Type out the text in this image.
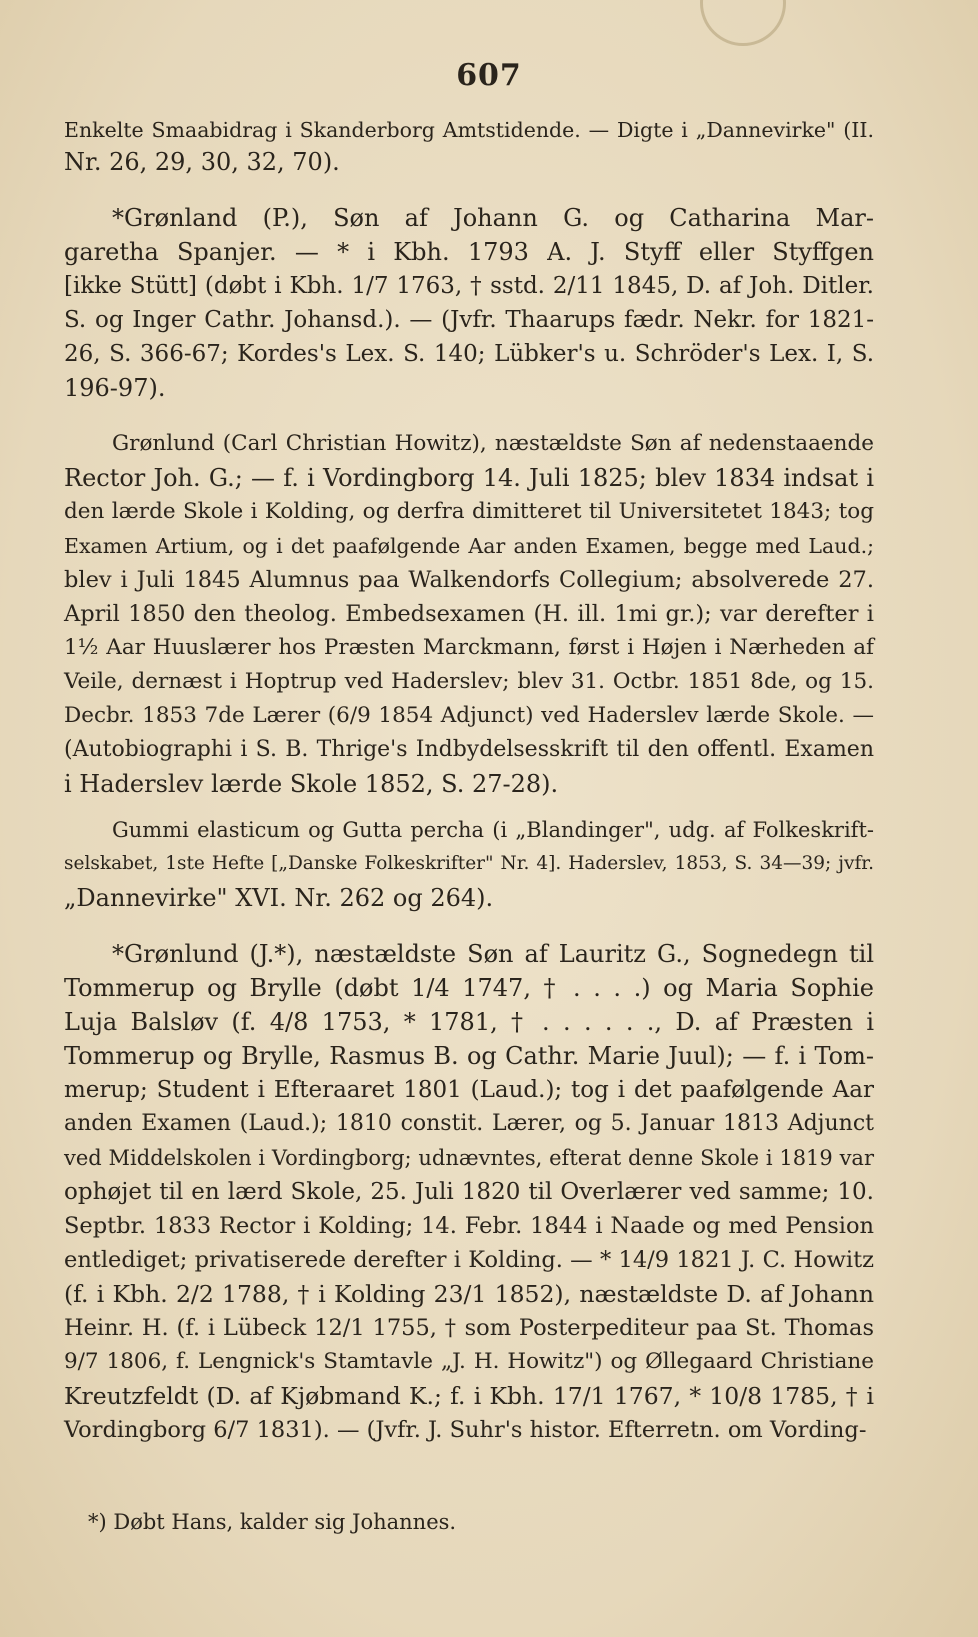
607
Enkelte Smaabidrag i Skanderborg Amtstidende. — Digte i „Dannevirke" (II.
Nr. 26, 29, 30, 32, 70).
*Grønland (P.), Søn af Johann G. og Catharina Mar-
garetha Spanjer. — * i Kbh. 1793 A. J. Styff eller Styffgen
[ikke Stütt] (døbt i Kbh. 1/7 1763, † sstd. 2/11 1845, D. af Joh. Ditler.
S. og Inger Cathr. Johansd.). — (Jvfr. Thaarups fædr. Nekr. for 1821-
26, S. 366-67; Kordes's Lex. S. 140; Lübker's u. Schröder's Lex. I, S.
196-97).
Grønlund (Carl Christian Howitz), næstældste Søn af nedenstaaende
Rector Joh. G.; — f. i Vordingborg 14. Juli 1825; blev 1834 indsat i
den lærde Skole i Kolding, og derfra dimitteret til Universitetet 1843; tog
Examen Artium, og i det paafølgende Aar anden Examen, begge med Laud.;
blev i Juli 1845 Alumnus paa Walkendorfs Collegium; absolverede 27.
April 1850 den theolog. Embedsexamen (H. ill. 1mi gr.); var derefter i
1½ Aar Huuslærer hos Præsten Marckmann, først i Højen i Nærheden af
Veile, dernæst i Hoptrup ved Haderslev; blev 31. Octbr. 1851 8de, og 15.
Decbr. 1853 7de Lærer (6/9 1854 Adjunct) ved Haderslev lærde Skole. —
(Autobiographi i S. B. Thrige's Indbydelsesskrift til den offentl. Examen
i Haderslev lærde Skole 1852, S. 27-28).
Gummi elasticum og Gutta percha (i „Blandinger", udg. af Folkeskrift-
selskabet, 1ste Hefte [„Danske Folkeskrifter" Nr. 4]. Haderslev, 1853, S. 34—39; jvfr.
„Dannevirke" XVI. Nr. 262 og 264).
*Grønlund (J.*), næstældste Søn af Lauritz G., Sognedegn til
Tommerup og Brylle (døbt 1/4 1747, † . . . .) og Maria Sophie
Luja Balsløv (f. 4/8 1753, * 1781, † . . . . . ., D. af Præsten i
Tommerup og Brylle, Rasmus B. og Cathr. Marie Juul); — f. i Tom-
merup; Student i Efteraaret 1801 (Laud.); tog i det paafølgende Aar
anden Examen (Laud.); 1810 constit. Lærer, og 5. Januar 1813 Adjunct
ved Middelskolen i Vordingborg; udnævntes, efterat denne Skole i 1819 var
ophøjet til en lærd Skole, 25. Juli 1820 til Overlærer ved samme; 10.
Septbr. 1833 Rector i Kolding; 14. Febr. 1844 i Naade og med Pension
entlediget; privatiserede derefter i Kolding. — * 14/9 1821 J. C. Howitz
(f. i Kbh. 2/2 1788, † i Kolding 23/1 1852), næstældste D. af Johann
Heinr. H. (f. i Lübeck 12/1 1755, † som Posterpediteur paa St. Thomas
9/7 1806, f. Lengnick's Stamtavle „J. H. Howitz") og Øllegaard Christiane
Kreutzfeldt (D. af Kjøbmand K.; f. i Kbh. 17/1 1767, * 10/8 1785, † i
Vordingborg 6/7 1831). — (Jvfr. J. Suhr's histor. Efterretn. om Vording-
*) Døbt Hans, kalder sig Johannes.
